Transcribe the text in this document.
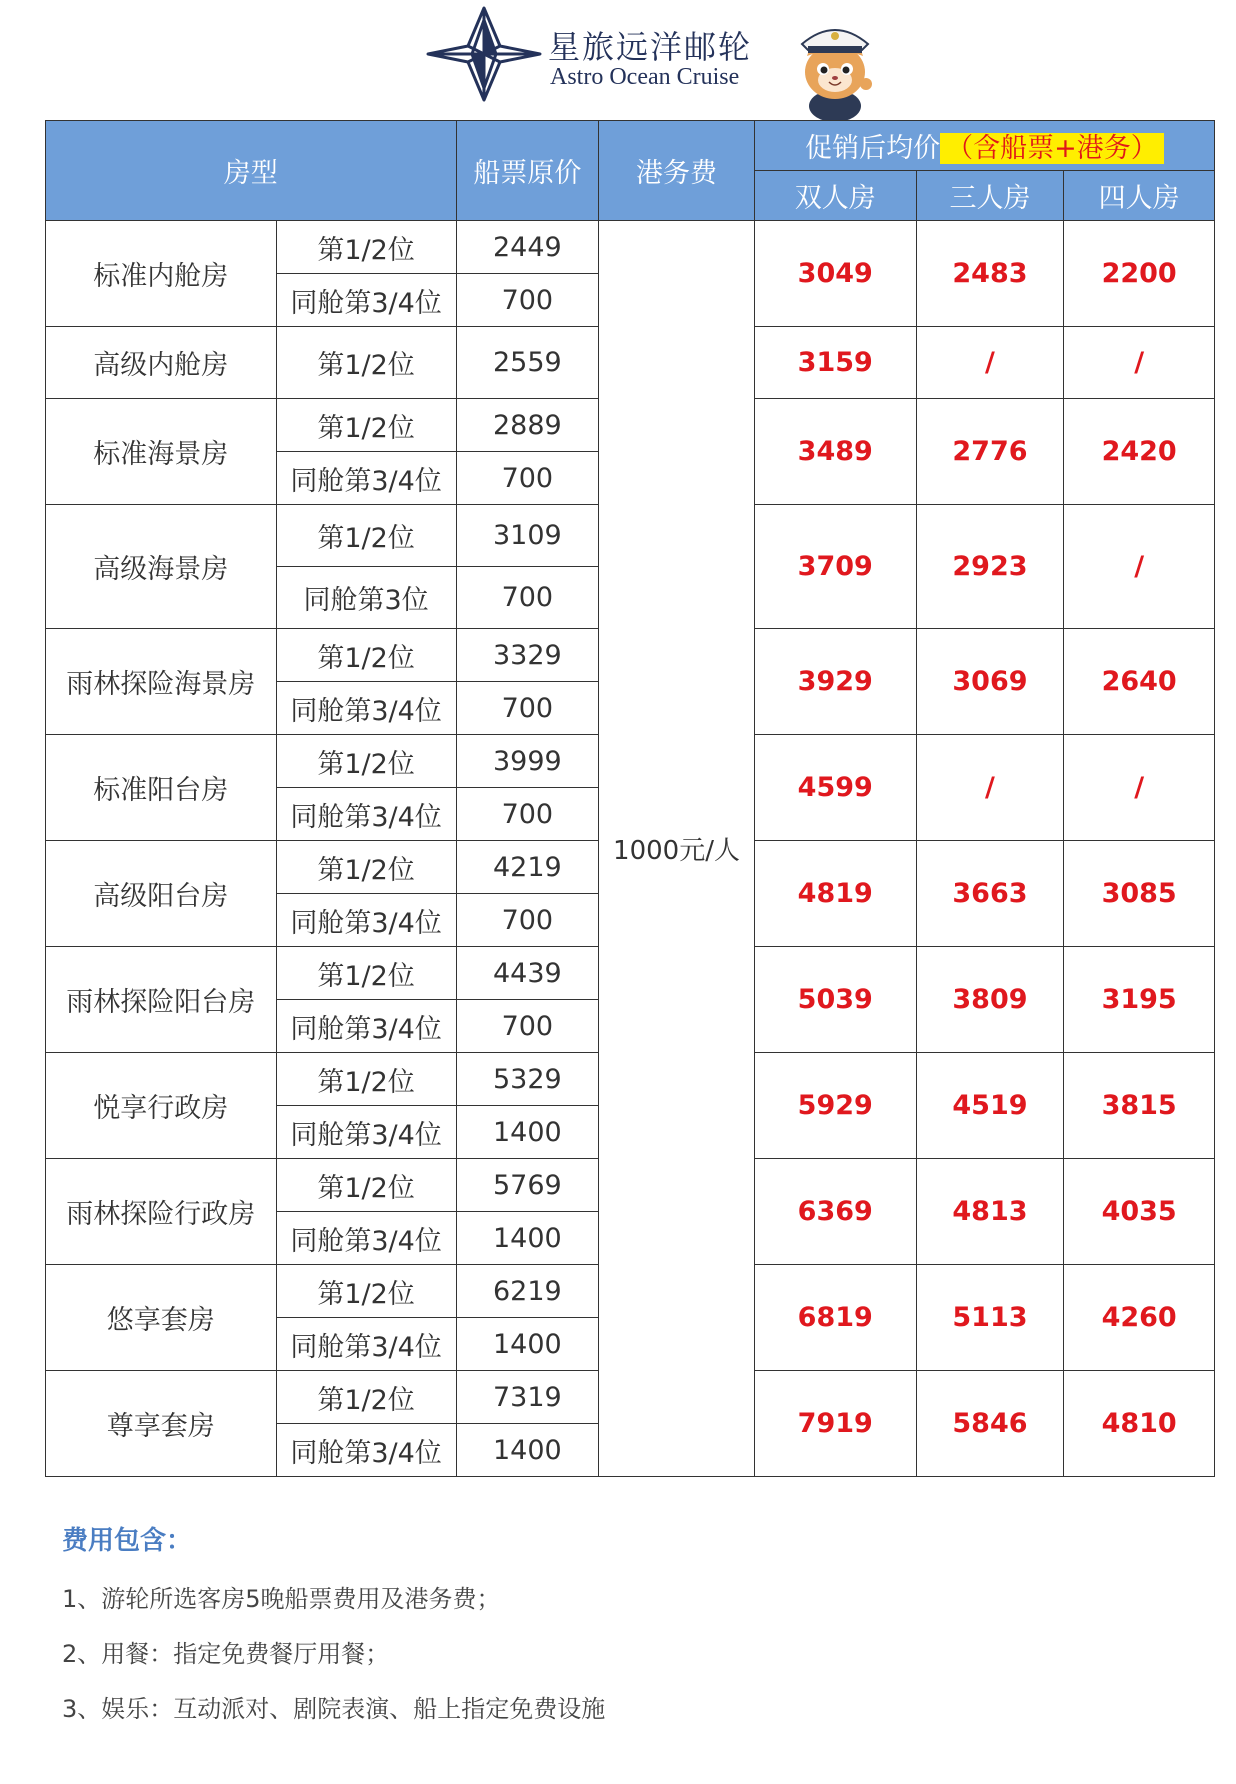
星旅远洋邮轮
Astro Ocean Cruise
房型		船票原价	港务费	促销后均价 （含船票+港务）		
				双人房	三人房	四人房
标准内舱房	第1/2位	2449	1000元/人	3049	2483	2200
	同舱第3/4位	700				
高级内舱房	第1/2位	2559		3159	/	/
标准海景房	第1/2位	2889		3489	2776	2420
	同舱第3/4位	700				
高级海景房	第1/2位	3109		3709	2923	/
	同舱第3位	700				
雨林探险海景房	第1/2位	3329		3929	3069	2640
	同舱第3/4位	700				
标准阳台房	第1/2位	3999		4599	/	/
	同舱第3/4位	700				
高级阳台房	第1/2位	4219		4819	3663	3085
	同舱第3/4位	700				
雨林探险阳台房	第1/2位	4439		5039	3809	3195
	同舱第3/4位	700				
悦享行政房	第1/2位	5329		5929	4519	3815
	同舱第3/4位	1400				
雨林探险行政房	第1/2位	5769		6369	4813	4035
	同舱第3/4位	1400				
悠享套房	第1/2位	6219		6819	5113	4260
	同舱第3/4位	1400				
尊享套房	第1/2位	7319		7919	5846	4810
	同舱第3/4位	1400				
费用包含：
1、游轮所选客房5晚船票费用及港务费；
2、用餐：指定免费餐厅用餐；
3、娱乐：互动派对、剧院表演、船上指定免费设施
